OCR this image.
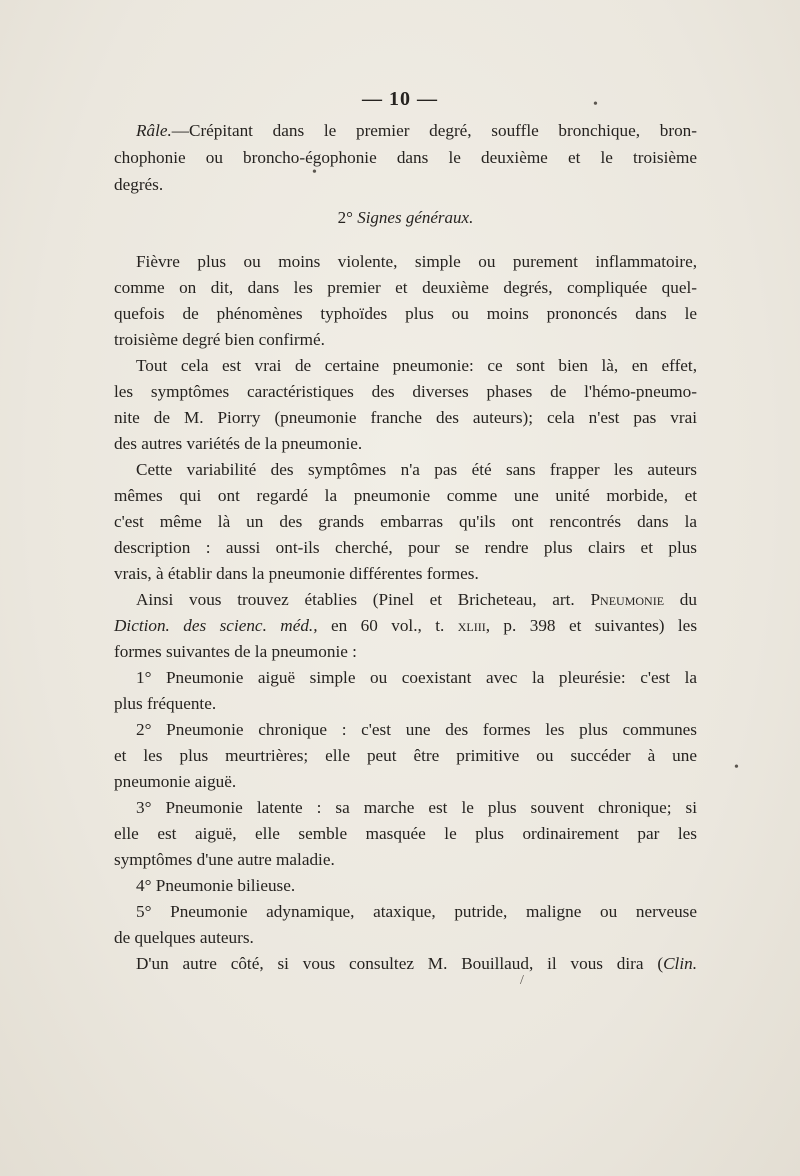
— 10 —
Râle.—Crépitant dans le premier degré, souffle bronchique, bron-
chophonie ou broncho-égophonie dans le deuxième et le troisième
degrés.
2° Signes généraux.
Fièvre plus ou moins violente, simple ou purement inflammatoire,
comme on dit, dans les premier et deuxième degrés, compliquée quel-
quefois de phénomènes typhoïdes plus ou moins prononcés dans le
troisième degré bien confirmé.
Tout cela est vrai de certaine pneumonie: ce sont bien là, en effet,
les symptômes caractéristiques des diverses phases de l'hémo-pneumo-
nite de M. Piorry (pneumonie franche des auteurs); cela n'est pas vrai
des autres variétés de la pneumonie.
Cette variabilité des symptômes n'a pas été sans frapper les auteurs
mêmes qui ont regardé la pneumonie comme une unité morbide, et
c'est même là un des grands embarras qu'ils ont rencontrés dans la
description : aussi ont-ils cherché, pour se rendre plus clairs et plus
vrais, à établir dans la pneumonie différentes formes.
Ainsi vous trouvez établies (Pinel et Bricheteau, art. Pneumonie du
Diction. des scienc. méd., en 60 vol., t. xliii, p. 398 et suivantes) les
formes suivantes de la pneumonie :
1° Pneumonie aiguë simple ou coexistant avec la pleurésie: c'est la
plus fréquente.
2° Pneumonie chronique : c'est une des formes les plus communes
et les plus meurtrières; elle peut être primitive ou succéder à une
pneumonie aiguë.
3° Pneumonie latente : sa marche est le plus souvent chronique; si
elle est aiguë, elle semble masquée le plus ordinairement par les
symptômes d'une autre maladie.
4° Pneumonie bilieuse.
5° Pneumonie adynamique, ataxique, putride, maligne ou nerveuse
de quelques auteurs.
D'un autre côté, si vous consultez M. Bouillaud, il vous dira (Clin.
•
•
•
/
